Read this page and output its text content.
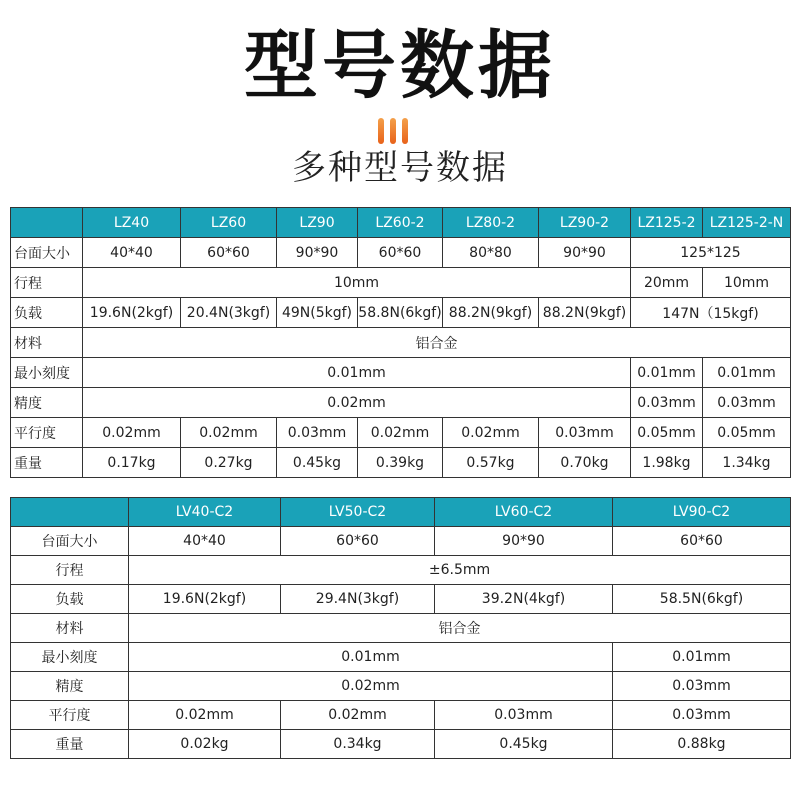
型号数据
多种型号数据
	LZ40	LZ60	LZ90	LZ60-2	LZ80-2	LZ90-2	LZ125-2	LZ125-2-N
台面大小	40*40	60*60	90*90	60*60	80*80	90*90	125*125	
行程	10mm						20mm	10mm
负载	19.6N(2kgf)	20.4N(3kgf)	49N(5kgf)	58.8N(6kgf)	88.2N(9kgf)	88.2N(9kgf)	147N（15kgf)	
材料	铝合金							
最小刻度	0.01mm						0.01mm	0.01mm
精度	0.02mm						0.03mm	0.03mm
平行度	0.02mm	0.02mm	0.03mm	0.02mm	0.02mm	0.03mm	0.05mm	0.05mm
重量	0.17kg	0.27kg	0.45kg	0.39kg	0.57kg	0.70kg	1.98kg	1.34kg
	LV40-C2	LV50-C2	LV60-C2	LV90-C2
台面大小	40*40	60*60	90*90	60*60
行程	±6.5mm			
负载	19.6N(2kgf)	29.4N(3kgf)	39.2N(4kgf)	58.5N(6kgf)
材料	铝合金			
最小刻度	0.01mm			0.01mm
精度	0.02mm			0.03mm
平行度	0.02mm	0.02mm	0.03mm	0.03mm
重量	0.02kg	0.34kg	0.45kg	0.88kg
